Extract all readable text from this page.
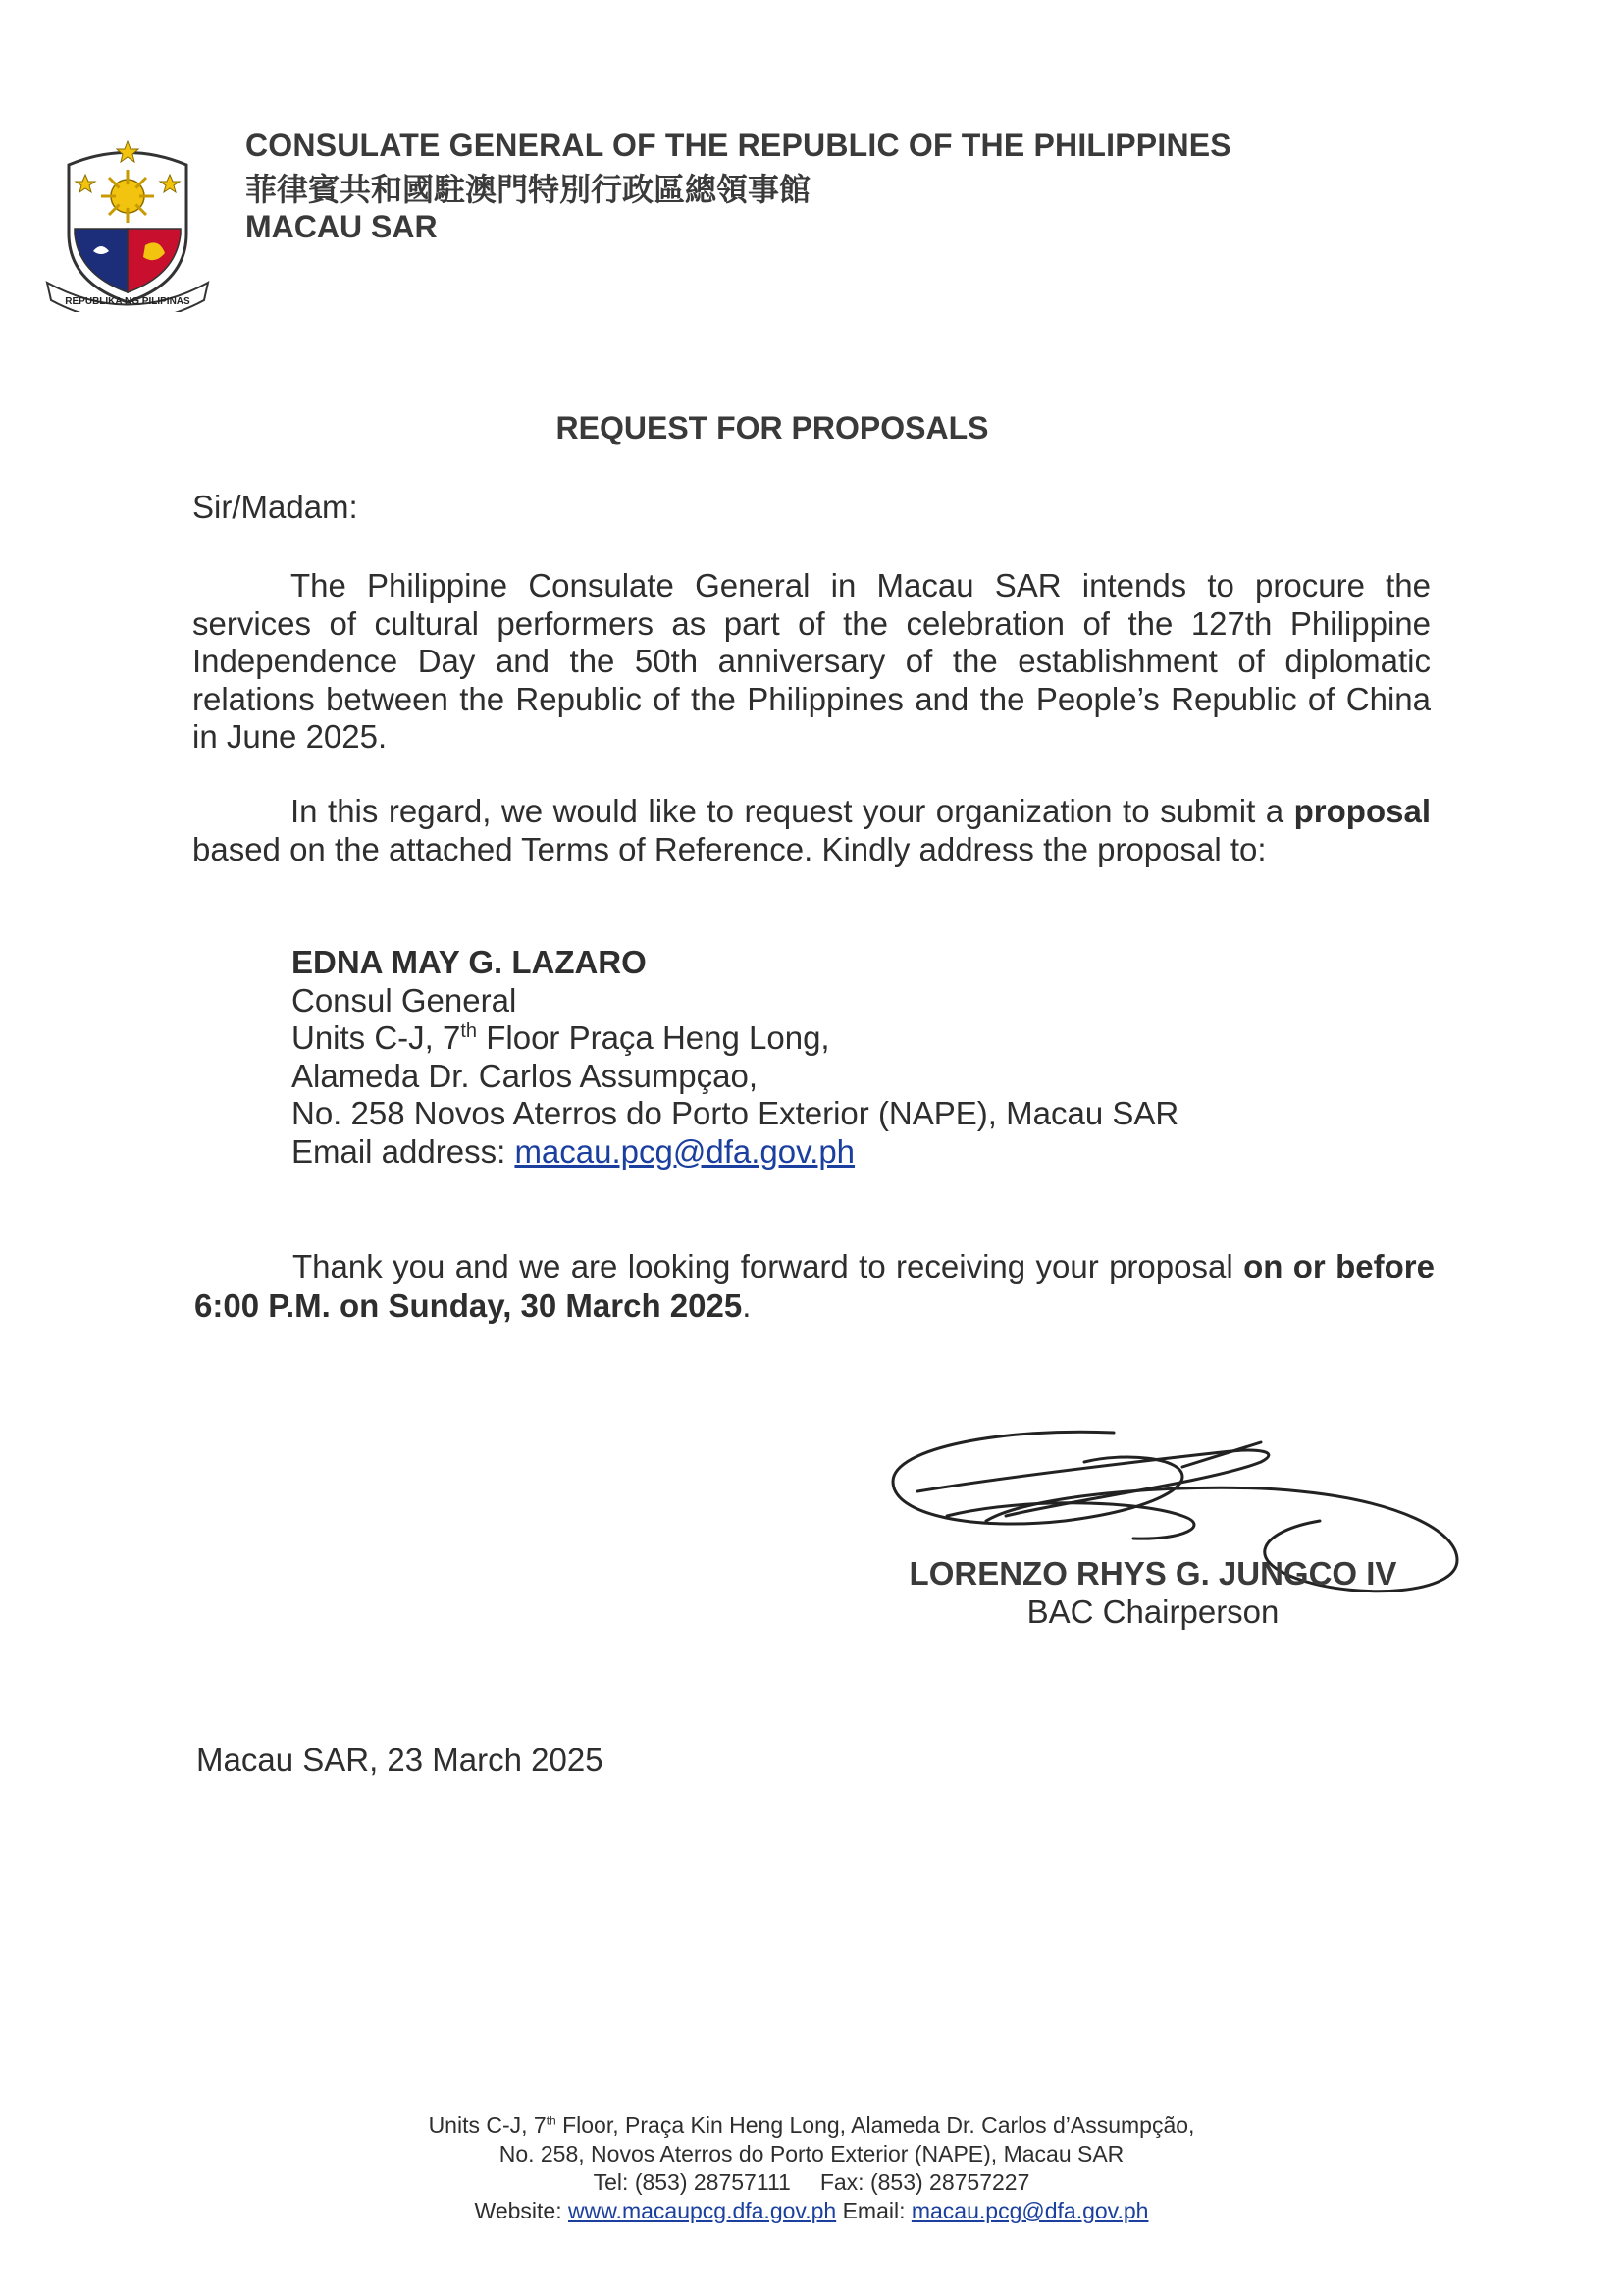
REPUBLIKA NG PILIPINAS
CONSULATE GENERAL OF THE REPUBLIC OF THE PHILIPPINES
菲律賓共和國駐澳門特別行政區總領事館
MACAU SAR
REQUEST FOR PROPOSALS
Sir/Madam:
The Philippine Consulate General in Macau SAR intends to procure the services of cultural performers as part of the celebration of the 127th Philippine Independence Day and the 50th anniversary of the establishment of diplomatic relations between the Republic of the Philippines and the People’s Republic of China in June 2025.
In this regard, we would like to request your organization to submit a proposal based on the attached Terms of Reference. Kindly address the proposal to:
EDNA MAY G. LAZARO
Consul General
Units C-J, 7th Floor Praça Heng Long,
Alameda Dr. Carlos Assumpçao,
No. 258 Novos Aterros do Porto Exterior (NAPE), Macau SAR
Email address: macau.pcg@dfa.gov.ph
Thank you and we are looking forward to receiving your proposal on or before 6:00 P.M. on Sunday, 30 March 2025.
LORENZO RHYS G. JUNGCO IV
BAC Chairperson
Macau SAR, 23 March 2025
Units C-J, 7th Floor, Praça Kin Heng Long, Alameda Dr. Carlos d’Assumpção,
No. 258, Novos Aterros do Porto Exterior (NAPE), Macau SAR
Tel: (853) 28757111 Fax: (853) 28757227
Website: www.macaupcg.dfa.gov.ph Email: macau.pcg@dfa.gov.ph
